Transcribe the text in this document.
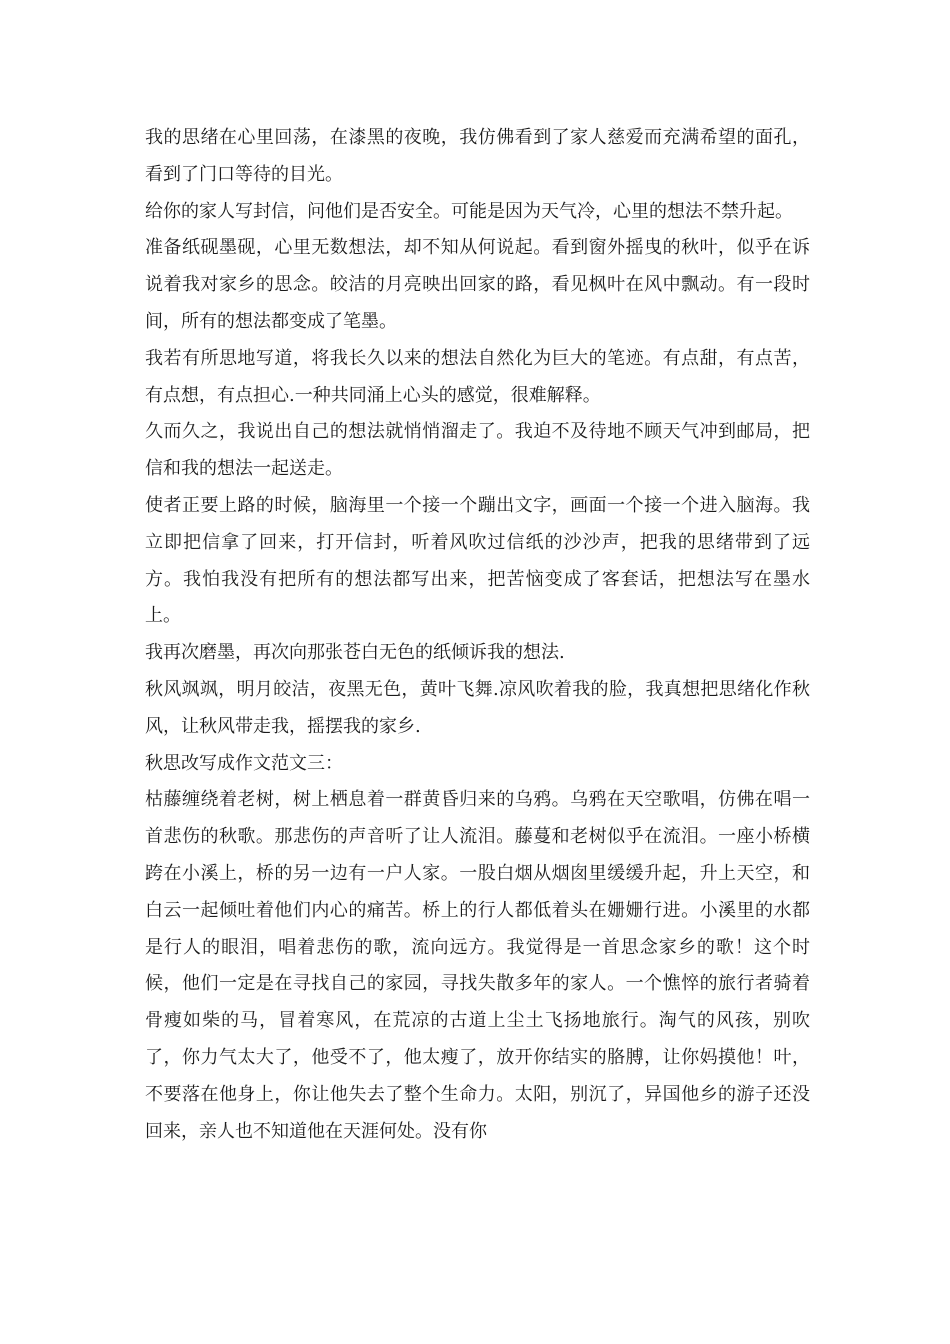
我的思绪在心里回荡，在漆黑的夜晚，我仿佛看到了家人慈爱而充满希望的面孔，看到了门口等待的目光。

给你的家人写封信，问他们是否安全。可能是因为天气冷，心里的想法不禁升起。

准备纸砚墨砚，心里无数想法，却不知从何说起。看到窗外摇曳的秋叶，似乎在诉说着我对家乡的思念。皎洁的月亮映出回家的路，看见枫叶在风中飘动。有一段时间，所有的想法都变成了笔墨。

我若有所思地写道，将我长久以来的想法自然化为巨大的笔迹。有点甜，有点苦，有点想，有点担心.一种共同涌上心头的感觉，很难解释。

久而久之，我说出自己的想法就悄悄溜走了。我迫不及待地不顾天气冲到邮局，把信和我的想法一起送走。

使者正要上路的时候，脑海里一个接一个蹦出文字，画面一个接一个进入脑海。我立即把信拿了回来，打开信封，听着风吹过信纸的沙沙声，把我的思绪带到了远方。我怕我没有把所有的想法都写出来，把苦恼变成了客套话，把想法写在墨水上。

我再次磨墨，再次向那张苍白无色的纸倾诉我的想法.

秋风飒飒，明月皎洁，夜黑无色，黄叶飞舞.凉风吹着我的脸，我真想把思绪化作秋风，让秋风带走我，摇摆我的家乡.

秋思改写成作文范文三：

枯藤缠绕着老树，树上栖息着一群黄昏归来的乌鸦。乌鸦在天空歌唱，仿佛在唱一首悲伤的秋歌。那悲伤的声音听了让人流泪。藤蔓和老树似乎在流泪。一座小桥横跨在小溪上，桥的另一边有一户人家。一股白烟从烟囱里缓缓升起，升上天空，和白云一起倾吐着他们内心的痛苦。桥上的行人都低着头在姗姗行进。小溪里的水都是行人的眼泪，唱着悲伤的歌，流向远方。我觉得是一首思念家乡的歌！这个时候，他们一定是在寻找自己的家园，寻找失散多年的家人。一个憔悴的旅行者骑着骨瘦如柴的马，冒着寒风，在荒凉的古道上尘土飞扬地旅行。淘气的风孩，别吹了，你力气太大了，他受不了，他太瘦了，放开你结实的胳膊，让你妈摸他！叶，不要落在他身上，你让他失去了整个生命力。太阳，别沉了，异国他乡的游子还没回来，亲人也不知道他在天涯何处。没有你
